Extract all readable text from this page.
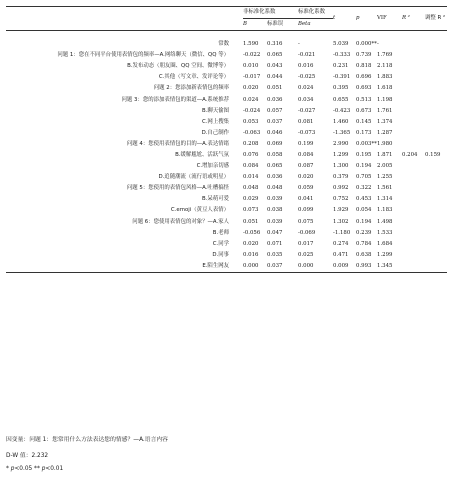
	非标准化系数		标准化系数	t	p	VIF	R ²	调整 R ²
	B	标准误	Beta					

常数	1.590	0.316	-	5.039	0.000**	-		
问题 1：您在不同平台使用表情包的频率—A.网络聊天（微信、QQ 等）	-0.022	0.065	-0.021	-0.333	0.739	1.769		
B.发布动态（朋友圈、QQ 空间、微博等）	0.010	0.043	0.016	0.231	0.818	2.118		
C.其他（写文章、发评论等）	-0.017	0.044	-0.025	-0.391	0.696	1.883		
问题 2：您添加新表情包的频率	0.020	0.051	0.024	0.395	0.693	1.618		
问题 3：您的添加表情包的渠道—A.系统推荐	0.024	0.036	0.034	0.655	0.513	1.198		
B.聊天偷图	-0.024	0.057	-0.027	-0.423	0.673	1.761		
C.网上搜集	0.053	0.037	0.081	1.460	0.145	1.374		
D.自己制作	-0.063	0.046	-0.073	-1.365	0.173	1.287		
问题 4：您使用表情包的目的—A.表达情绪	0.208	0.069	0.199	2.990	0.003**	1.980		
B.缓解尴尬、活跃气氛	0.076	0.058	0.084	1.299	0.195	1.871	0.204	0.159
C.增加亲切感	0.084	0.065	0.087	1.300	0.194	2.005		
D.追随潮流（流行语或明星）	0.014	0.036	0.020	0.379	0.705	1.255		
问题 5：您使用的表情包风格—A.吐槽搞怪	0.048	0.048	0.059	0.992	0.322	1.561		
B.呆萌可爱	0.029	0.039	0.041	0.752	0.453	1.314		
C.emoji（黄豆人表情）	0.073	0.038	0.099	1.929	0.054	1.183		
问题 6：您使用表情包的对象？—A.家人	0.051	0.039	0.075	1.302	0.194	1.498		
B.老师	-0.056	0.047	-0.069	-1.180	0.239	1.533		
C.同学	0.020	0.071	0.017	0.274	0.784	1.684		
D.同事	0.016	0.035	0.025	0.471	0.638	1.299		
E.陌生网友	0.000	0.037	0.000	0.009	0.993	1.345		
因变量：问题 1：您常用什么方法表达您的情感？—A.语言内容
D-W 值：2.232
* p<0.05 ** p<0.01
